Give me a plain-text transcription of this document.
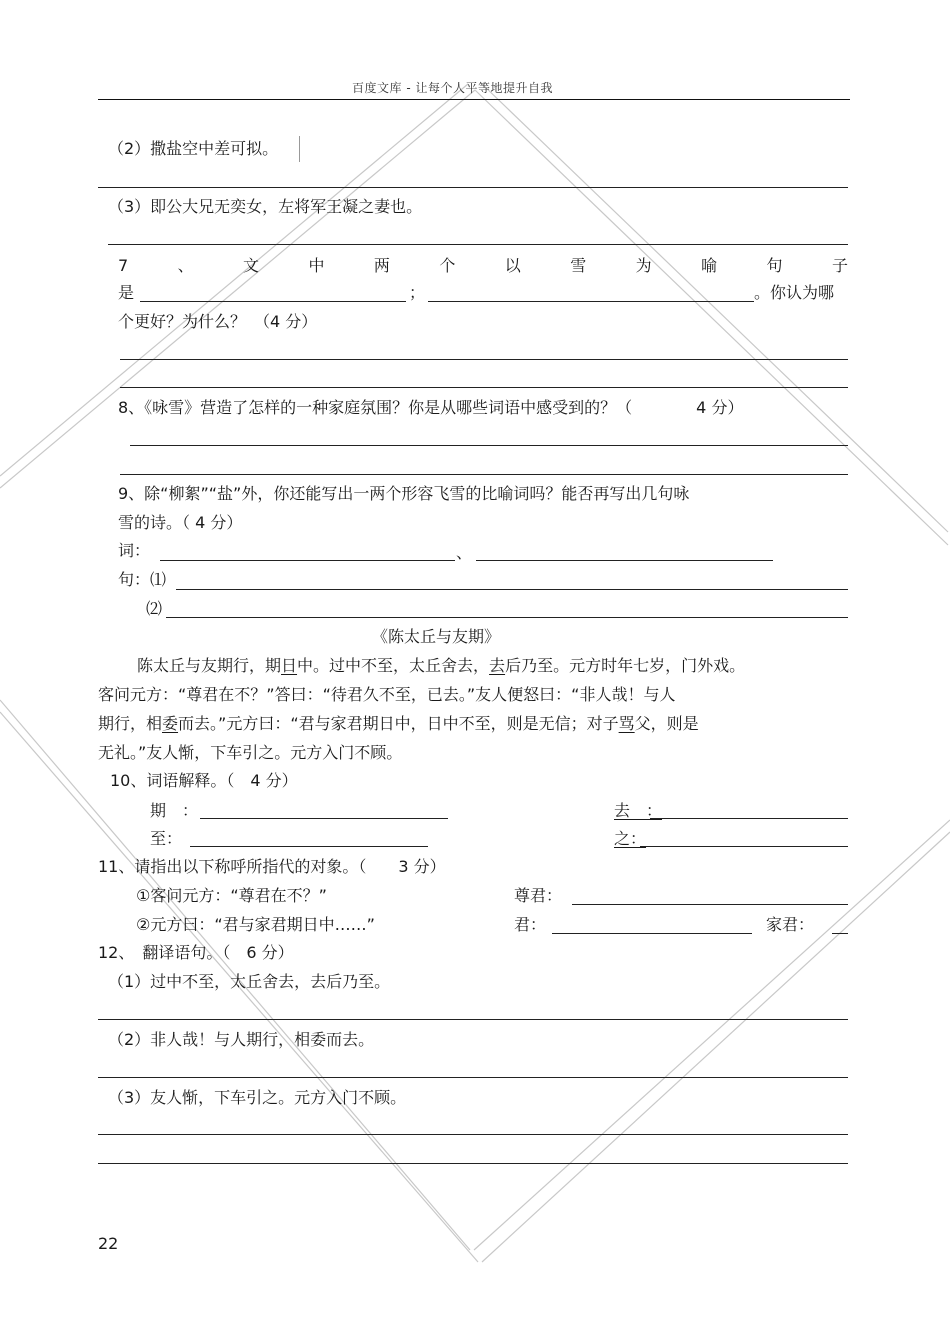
百度文库 - 让每个人平等地提升自我
（2）撒盐空中差可拟。
（3）即公大兄无奕女，左将军王凝之妻也。
7	、	文	中	两	个	以	雪	为	喻	句	子
是	；	。你认为哪
个更好？为什么？　（4 分）
8、《咏雪》营造了怎样的一种家庭氛围？你是从哪些词语中感受到的？（　　　　4 分）
9、除“柳絮”“盐”外，你还能写出一两个形容飞雪的比喻词吗？能否再写出几句咏
雪的诗。（ 4 分）
词：	、
句：⑴
⑵
《陈太丘与友期》
陈太丘与友期行，期日中。过中不至，太丘舍去，去后乃至。元方时年七岁，门外戏。
客问元方：“尊君在不？”答曰：“待君久不至，已去。”友人便怒曰：“非人哉！与人
期行，相委而去。”元方曰：“君与家君期日中，日中不至，则是无信；对子骂父，则是
无礼。”友人惭，下车引之。元方入门不顾。
10、词语解释。（　4 分）
期　：	去　：
至：	之：
11、请指出以下称呼所指代的对象。（　　3 分）
①客问元方：“尊君在不？”	尊君：
②元方曰：“君与家君期日中……”	君：	家君：
12、　翻译语句。（　6 分）
（1）过中不至，太丘舍去，去后乃至。
（2）非人哉！与人期行，相委而去。
（3）友人惭，下车引之。元方入门不顾。
22
